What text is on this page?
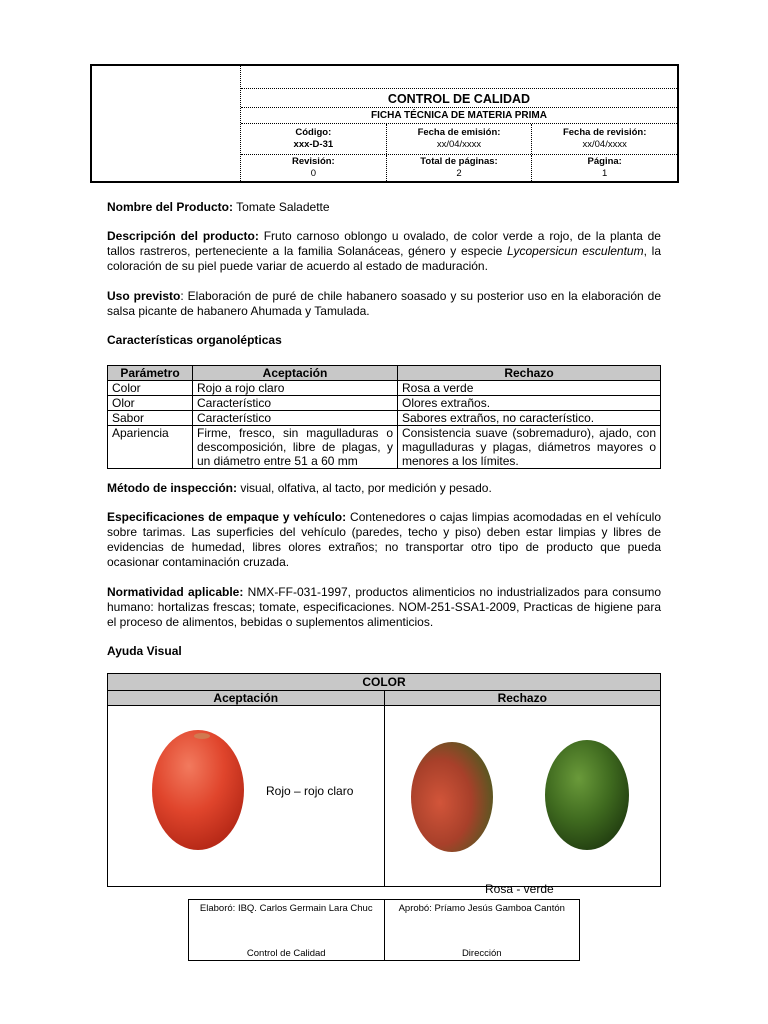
CONTROL DE CALIDAD
FICHA TÉCNICA DE MATERIA PRIMA
Código:
xxx-D-31
Fecha de emisión:
xx/04/xxxx
Fecha de revisión:
xx/04/xxxx
Revisión:
0
Total de páginas:
2
Página:
1
Nombre del Producto: Tomate Saladette
Descripción del producto: Fruto carnoso oblongo u ovalado, de color verde a rojo, de la planta de tallos rastreros, perteneciente a la familia Solanáceas, género y especie Lycopersicun esculentum, la coloración de su piel puede variar de acuerdo al estado de maduración.
Uso previsto: Elaboración de puré de chile habanero soasado y su posterior uso en la elaboración de salsa picante de habanero Ahumada y Tamulada.
Características organolépticas
Parámetro	Aceptación	Rechazo
Color	Rojo a rojo claro	Rosa a verde
Olor	Característico	Olores extraños.
Sabor	Característico	Sabores extraños, no característico.
Apariencia	Firme, fresco, sin magulladuras o descomposición, libre de plagas, y un diámetro entre 51 a 60 mm	Consistencia suave (sobremaduro), ajado, con magulladuras y plagas, diámetros mayores o menores a los límites.
Método de inspección: visual, olfativa, al tacto, por medición y pesado.
Especificaciones de empaque y vehículo: Contenedores o cajas limpias acomodadas en el vehículo sobre tarimas. Las superficies del vehículo (paredes, techo y piso) deben estar limpias y libres de evidencias de humedad, libres olores extraños; no transportar otro tipo de producto que pueda ocasionar contaminación cruzada.
Normatividad aplicable: NMX-FF-031-1997, productos alimenticios no industrializados para consumo humano: hortalizas frescas; tomate, especificaciones. NOM-251-SSA1-2009, Practicas de higiene para el proceso de alimentos, bebidas o suplementos alimenticios.
Ayuda Visual
COLOR
Aceptación	Rechazo
Rojo – rojo claro
Rosa - verde
Elaboró: IBQ. Carlos Germain Lara Chuc
Control de Calidad
Aprobó: Príamo Jesús Gamboa Cantón
Dirección
